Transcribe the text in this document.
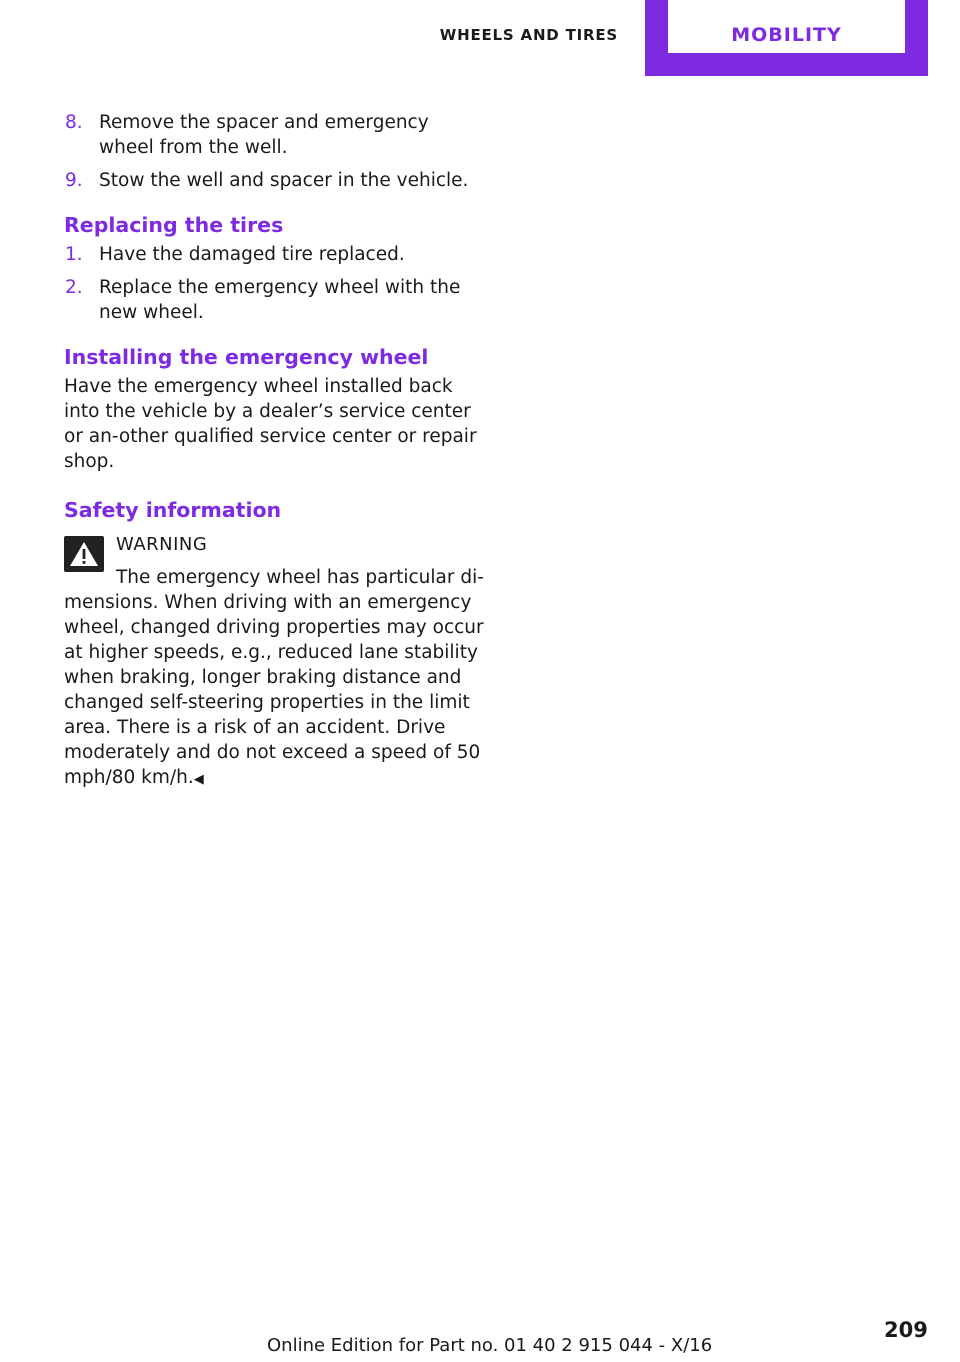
MOBILITY
WHEELS AND TIRES
8. Remove the spacer and emergency wheel from the well.
9. Stow the well and spacer in the vehicle.
Replacing the tires
1. Have the damaged tire replaced.
2. Replace the emergency wheel with the new wheel.
Installing the emergency wheel
Have the emergency wheel installed back into the vehicle by a dealer’s service center or an‐other qualified service center or repair shop.
Safety information
WARNING
The emergency wheel has particular di‐mensions. When driving with an emergency wheel, changed driving properties may occur at higher speeds, e.g., reduced lane stability when braking, longer braking distance and changed self-steering properties in the limit area. There is a risk of an accident. Drive moderately and do not exceed a speed of 50 mph/80 km/h.◀
Online Edition for Part no. 01 40 2 915 044 - X/16
209
